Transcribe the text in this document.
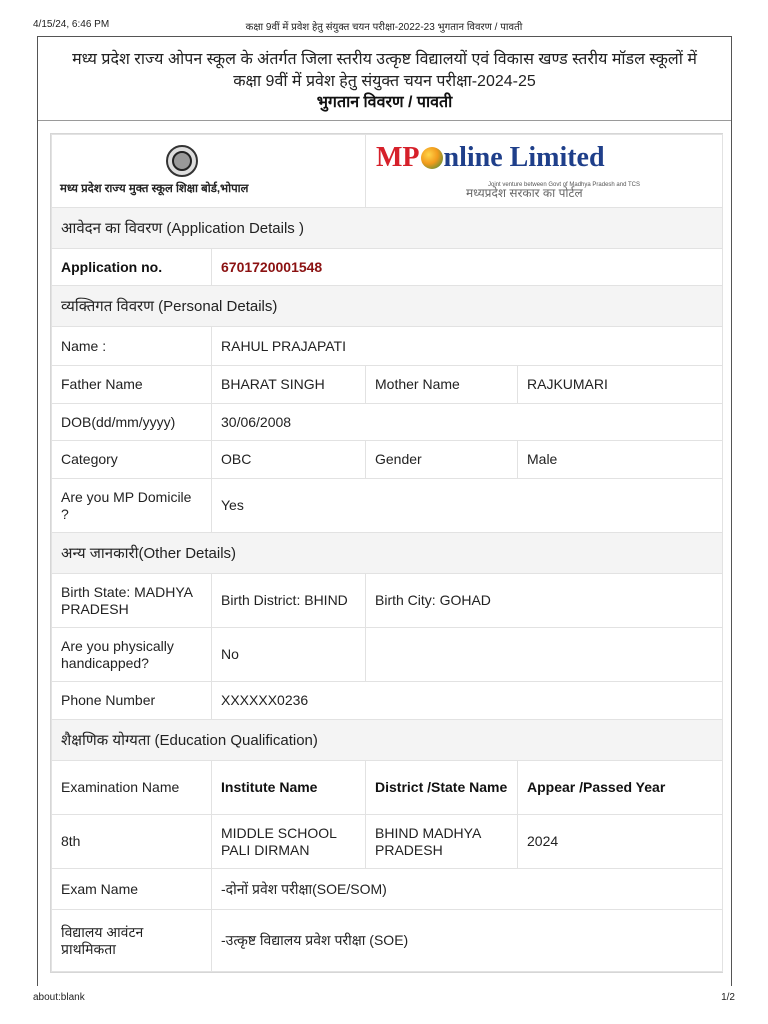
4/15/24, 6:46 PM	कक्षा 9वीं में प्रवेश हेतु संयुक्त चयन परीक्षा-2022-23 भुगतान विवरण / पावती
मध्य प्रदेश राज्य ओपन स्कूल के अंतर्गत जिला स्तरीय उत्कृष्ट विद्यालयों एवं विकास खण्ड स्तरीय मॉडल स्कूलों में
कक्षा 9वीं में प्रवेश हेतु संयुक्त चयन परीक्षा-2024-25
भुगतान विवरण / पावती
मध्य प्रदेश राज्य मुक्त स्कूल शिक्षा बोर्ड,भोपाल		MP nline Limited
Joint venture between Govt of Madhya Pradesh and TCS
मध्यप्रदेश सरकार का पोर्टल	

आवेदन का विवरण (Application Details )			
Application no.	6701720001548		
व्यक्तिगत विवरण (Personal Details)			
Name :	RAHUL PRAJAPATI		
Father Name	BHARAT SINGH	Mother Name	RAJKUMARI
DOB(dd/mm/yyyy)	30/06/2008		
Category	OBC	Gender	Male
Are you MP Domicile ?	Yes		
अन्य जानकारी(Other Details)			
Birth State: MADHYA PRADESH	Birth District: BHIND	Birth City: GOHAD	
Are you physically handicapped?	No		
Phone Number	XXXXXX0236		
शैक्षणिक योग्यता (Education Qualification)			
Examination Name	Institute Name	District /State Name	Appear /Passed Year
8th	MIDDLE SCHOOL PALI DIRMAN	BHIND MADHYA PRADESH	2024
Exam Name	-दोनों प्रवेश परीक्षा(SOE/SOM)		
विद्यालय आवंटन प्राथमिकता	-उत्कृष्ट विद्यालय प्रवेश परीक्षा (SOE)		
about:blank	1/2
